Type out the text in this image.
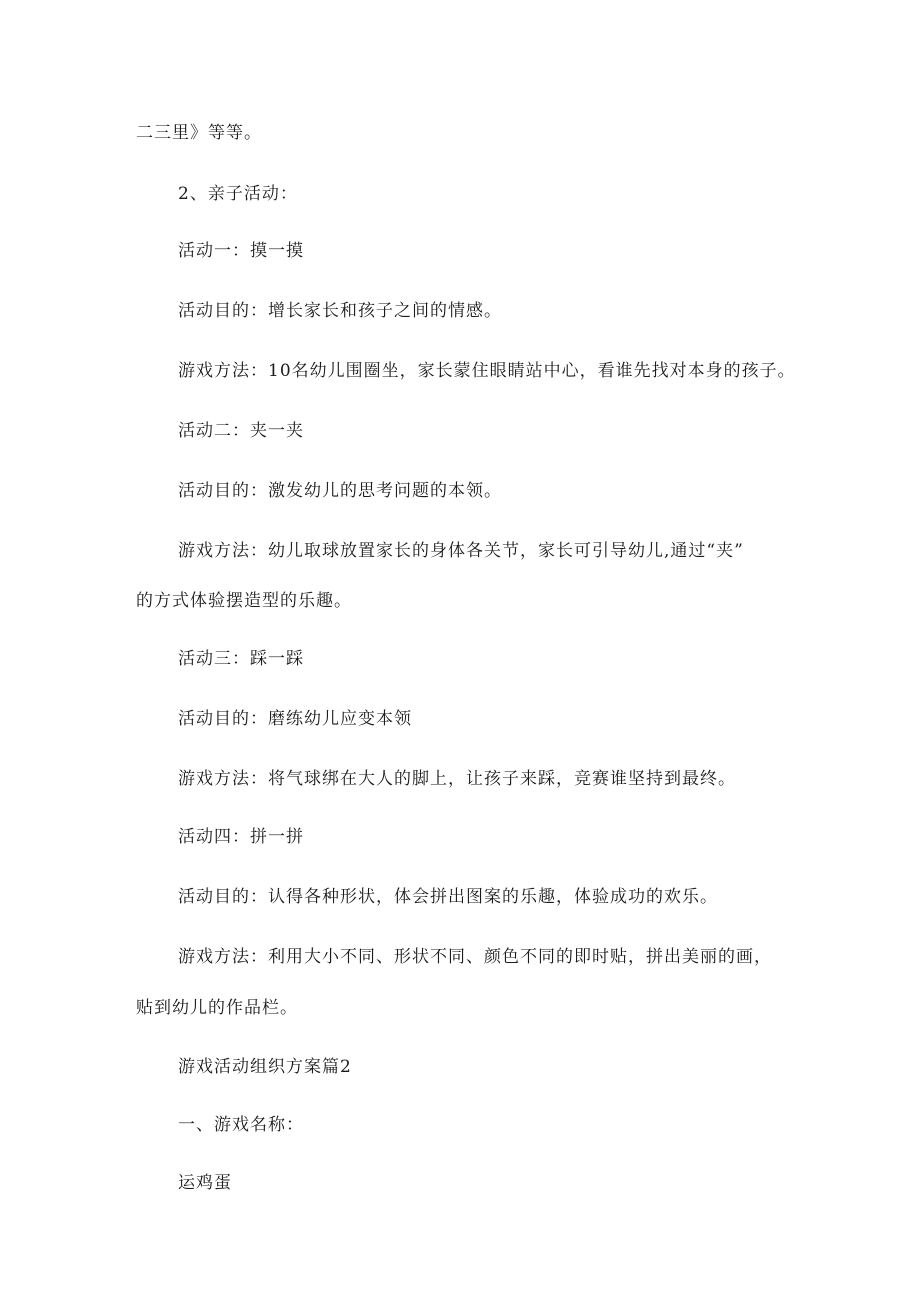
二三里》等等。
2、亲子活动：
活动一：摸一摸
活动目的：增长家长和孩子之间的情感。
游戏方法：10名幼儿围圈坐，家长蒙住眼睛站中心，看谁先找对本身的孩子。
活动二：夹一夹
活动目的：激发幼儿的思考问题的本领。
游戏方法：幼儿取球放置家长的身体各关节，家长可引导幼儿,通过“夹”
的方式体验摆造型的乐趣。
活动三：踩一踩
活动目的：磨练幼儿应变本领
游戏方法：将气球绑在大人的脚上，让孩子来踩，竞赛谁坚持到最终。
活动四：拼一拼
活动目的：认得各种形状，体会拼出图案的乐趣，体验成功的欢乐。
游戏方法：利用大小不同、形状不同、颜色不同的即时贴，拼出美丽的画，
贴到幼儿的作品栏。
游戏活动组织方案篇2
一、游戏名称：
运鸡蛋
